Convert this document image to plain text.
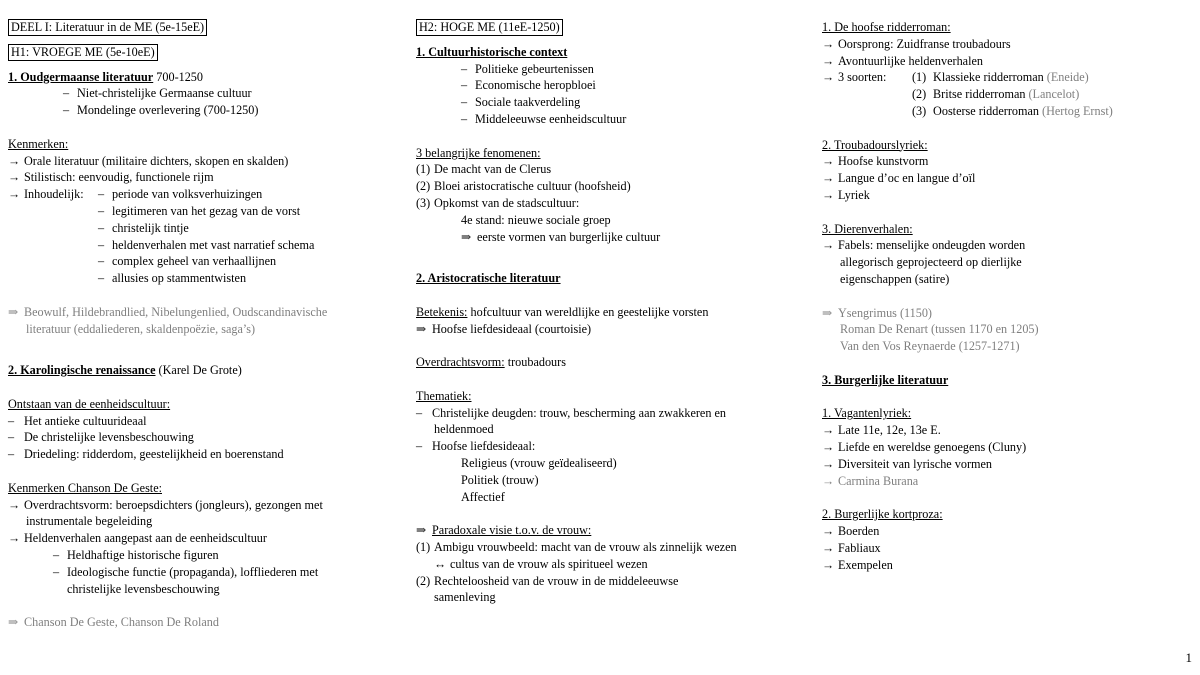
DEEL I: Literatuur in de ME (5e-15eE)
H1: VROEGE ME (5e-10eE)
1. Oudgermaanse literatuur 700-1250
– Niet-christelijke Germaanse cultuur
– Mondelinge overlevering (700-1250)
Kenmerken:
→ Orale literatuur (militaire dichters, skopen en skalden)
→ Stilistisch: eenvoudig, functionele rijm
→ Inhoudelijk: – periode van volksverhuizingen
– legitimeren van het gezag van de vorst
– christelijk tintje
– heldenverhalen met vast narratief schema
– complex geheel van verhaallijnen
– allusies op stammentwisten
⇒ Beowulf, Hildebrandlied, Nibelungenlied, Oudscandinavische
literatuur (eddaliederen, skaldenpoëzie, saga’s)
2. Karolingische renaissance (Karel De Grote)
Ontstaan van de eenheidscultuur:
– Het antieke cultuurideaal
– De christelijke levensbeschouwing
– Driedeling: ridderdom, geestelijkheid en boerenstand
Kenmerken Chanson De Geste:
→ Overdrachtsvorm: beroepsdichters (jongleurs), gezongen met
instrumentale begeleiding
→ Heldenverhalen aangepast aan de eenheidscultuur
– Heldhaftige historische figuren
– Ideologische functie (propaganda), loffliederen met
christelijke levensbeschouwing
⇒ Chanson De Geste, Chanson De Roland
H2: HOGE ME (11eE-1250)
1. Cultuurhistorische context
– Politieke gebeurtenissen
– Economische heropbloei
– Sociale taakverdeling
– Middeleeuwse eenheidscultuur
3 belangrijke fenomenen:
(1) De macht van de Clerus
(2) Bloei aristocratische cultuur (hoofsheid)
(3) Opkomst van de stadscultuur:
4e stand: nieuwe sociale groep
⇒ eerste vormen van burgerlijke cultuur
2. Aristocratische literatuur
Betekenis: hofcultuur van wereldlijke en geestelijke vorsten
⇒ Hoofse liefdesideaal (courtoisie)
Overdrachtsvorm: troubadours
Thematiek:
– Christelijke deugden: trouw, bescherming aan zwakkeren en
heldenmoed
– Hoofse liefdesideaal:
Religieus (vrouw geïdealiseerd)
Politiek (trouw)
Affectief
⇒ Paradoxale visie t.o.v. de vrouw:
(1) Ambigu vrouwbeeld: macht van de vrouw als zinnelijk wezen
↔ cultus van de vrouw als spiritueel wezen
(2) Rechteloosheid van de vrouw in de middeleeuwse
samenleving
1. De hoofse ridderroman:
→ Oorsprong: Zuidfranse troubadours
→ Avontuurlijke heldenverhalen
→ 3 soorten: (1) Klassieke ridderroman (Eneide)
(2) Britse ridderroman (Lancelot)
(3) Oosterse ridderroman (Hertog Ernst)
2. Troubadourslyriek:
→ Hoofse kunstvorm
→ Langue d’oc en langue d’oïl
→ Lyriek
3. Dierenverhalen:
→ Fabels: menselijke ondeugden worden
allegorisch geprojecteerd op dierlijke
eigenschappen (satire)
⇒ Ysengrimus (1150)
Roman De Renart (tussen 1170 en 1205)
Van den Vos Reynaerde (1257-1271)
3. Burgerlijke literatuur
1. Vagantenlyriek:
→ Late 11e, 12e, 13e E.
→ Liefde en wereldse genoegens (Cluny)
→ Diversiteit van lyrische vormen
→ Carmina Burana
2. Burgerlijke kortproza:
→ Boerden
→ Fabliaux
→ Exempelen
1
